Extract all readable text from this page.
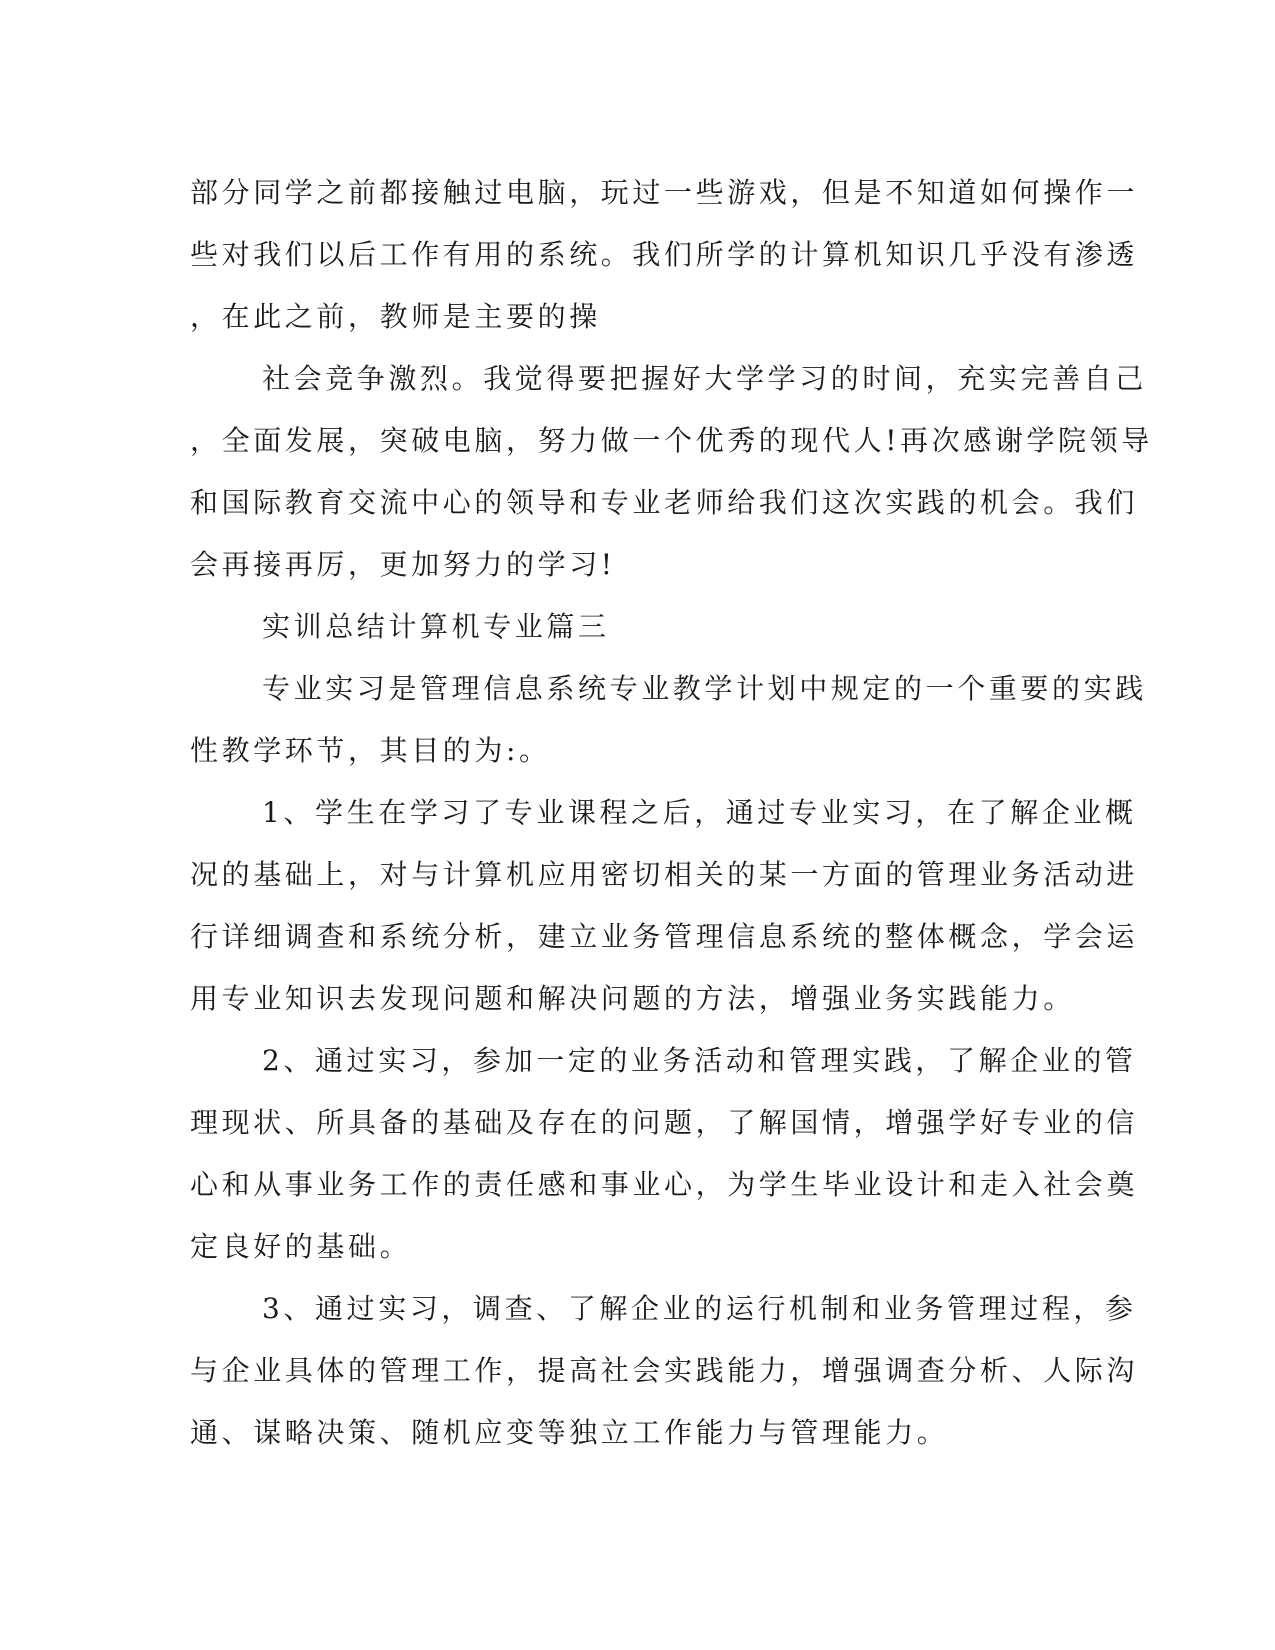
部分同学之前都接触过电脑，玩过一些游戏，但是不知道如何操作一

些对我们以后工作有用的系统。我们所学的计算机知识几乎没有渗透

，在此之前，教师是主要的操

社会竞争激烈。我觉得要把握好大学学习的时间，充实完善自己

，全面发展，突破电脑，努力做一个优秀的现代人!再次感谢学院领导

和国际教育交流中心的领导和专业老师给我们这次实践的机会。我们

会再接再厉，更加努力的学习!

实训总结计算机专业篇三

专业实习是管理信息系统专业教学计划中规定的一个重要的实践

性教学环节，其目的为:。

1、学生在学习了专业课程之后，通过专业实习，在了解企业概

况的基础上，对与计算机应用密切相关的某一方面的管理业务活动进

行详细调查和系统分析，建立业务管理信息系统的整体概念，学会运

用专业知识去发现问题和解决问题的方法，增强业务实践能力。

2、通过实习，参加一定的业务活动和管理实践，了解企业的管

理现状、所具备的基础及存在的问题，了解国情，增强学好专业的信

心和从事业务工作的责任感和事业心，为学生毕业设计和走入社会奠

定良好的基础。

3、通过实习，调查、了解企业的运行机制和业务管理过程，参

与企业具体的管理工作，提高社会实践能力，增强调查分析、人际沟

通、谋略决策、随机应变等独立工作能力与管理能力。
